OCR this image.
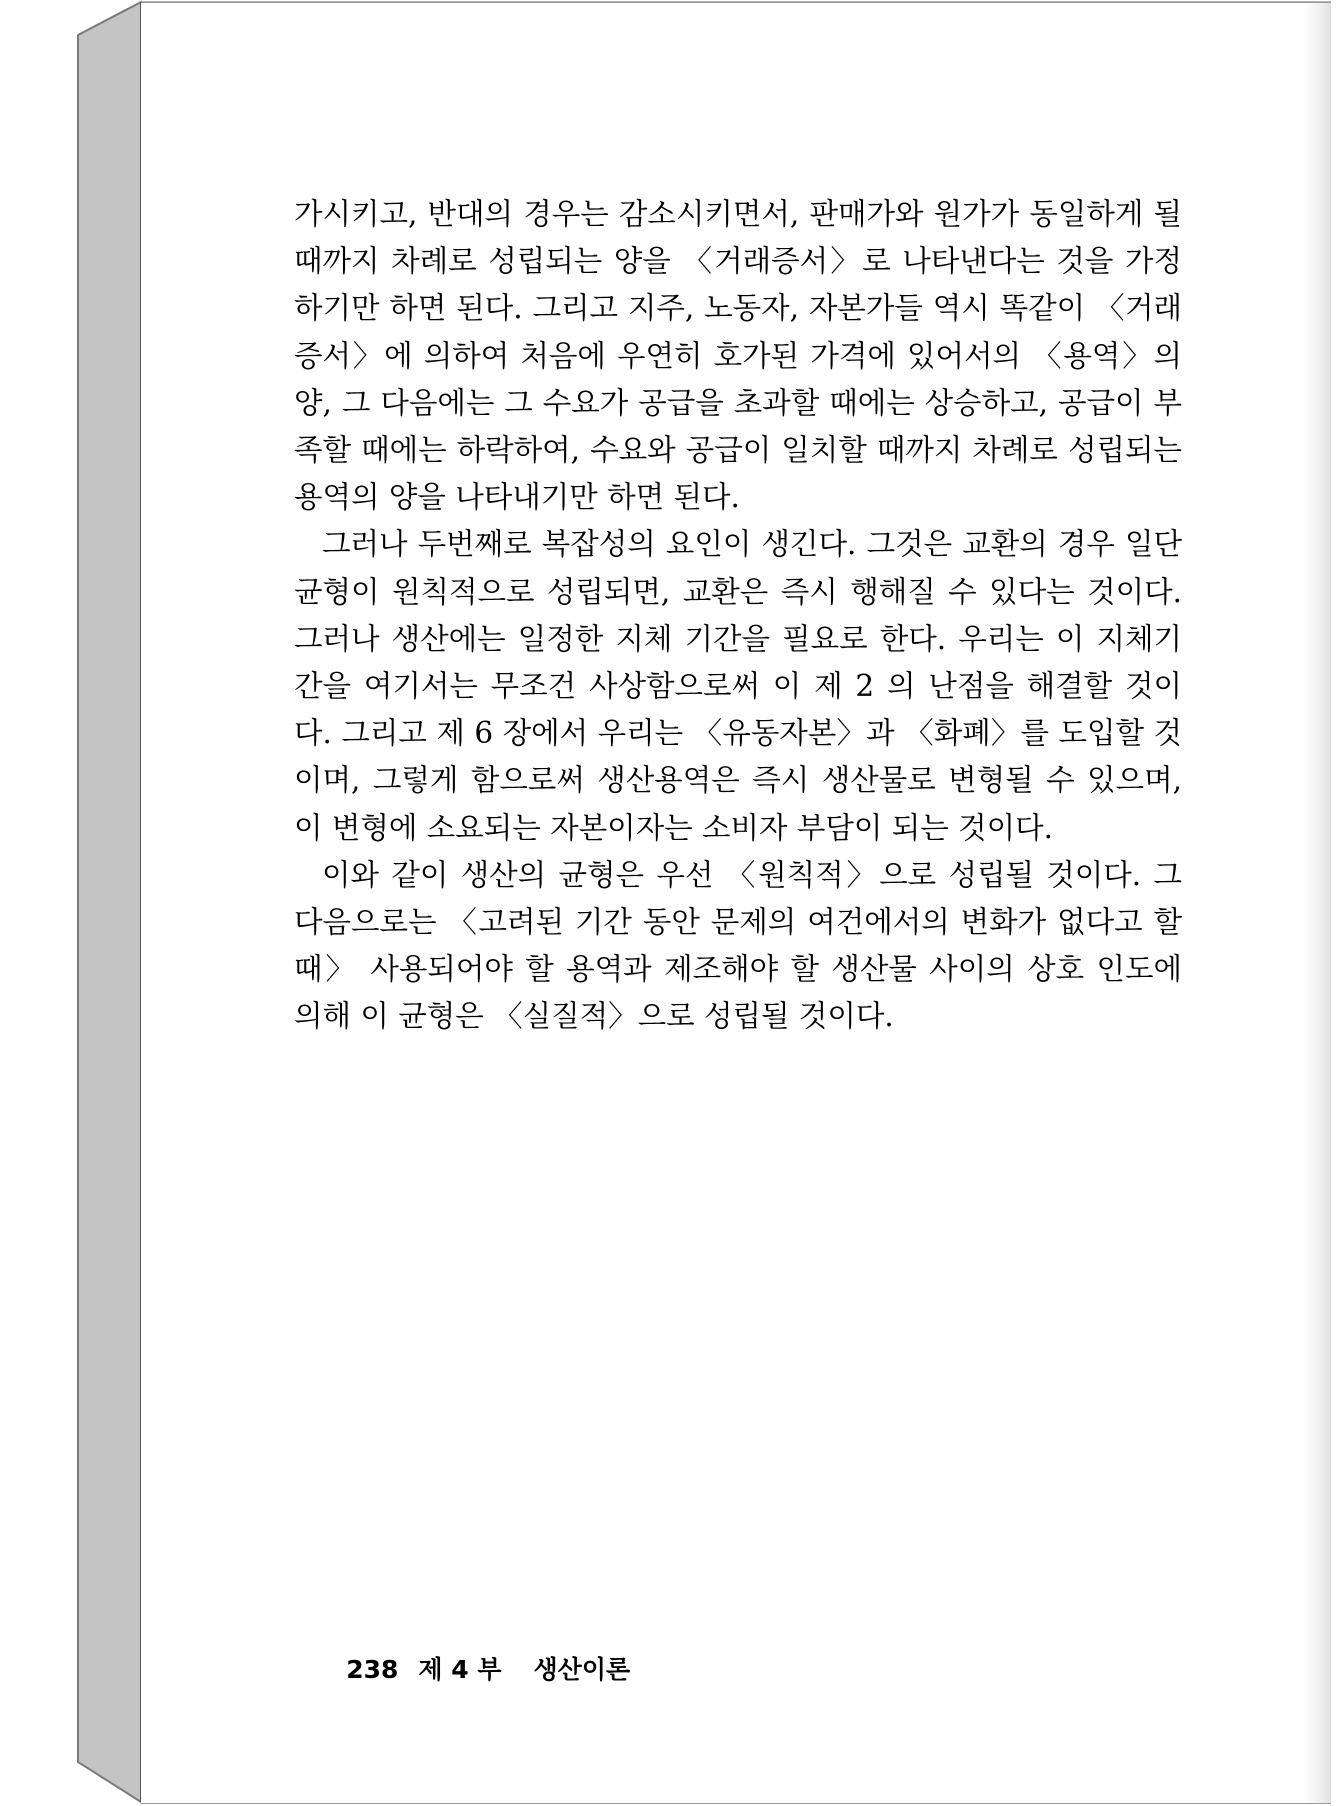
가시키고, 반대의 경우는 감소시키면서, 판매가와 원가가 동일하게 될 때까지 차례로 성립되는 양을 〈거래증서〉로 나타낸다는 것을 가정하기만 하면 된다. 그리고 지주, 노동자, 자본가들 역시 똑같이 〈거래증서〉에 의하여 처음에 우연히 호가된 가격에 있어서의 〈용역〉의 양, 그 다음에는 그 수요가 공급을 초과할 때에는 상승하고, 공급이 부족할 때에는 하락하여, 수요와 공급이 일치할 때까지 차례로 성립되는 용역의 양을 나타내기만 하면 된다.

그러나 두번째로 복잡성의 요인이 생긴다. 그것은 교환의 경우 일단 균형이 원칙적으로 성립되면, 교환은 즉시 행해질 수 있다는 것이다. 그러나 생산에는 일정한 지체 기간을 필요로 한다. 우리는 이 지체기간을 여기서는 무조건 사상함으로써 이 제 2 의 난점을 해결할 것이다. 그리고 제 6 장에서 우리는 〈유동자본〉과 〈화폐〉를 도입할 것이며, 그렇게 함으로써 생산용역은 즉시 생산물로 변형될 수 있으며, 이 변형에 소요되는 자본이자는 소비자 부담이 되는 것이다.

이와 같이 생산의 균형은 우선 〈원칙적〉으로 성립될 것이다. 그 다음으로는 〈고려된 기간 동안 문제의 여건에서의 변화가 없다고 할 때〉 사용되어야 할 용역과 제조해야 할 생산물 사이의 상호 인도에 의해 이 균형은 〈실질적〉으로 성립될 것이다.

238 제 4 부 생산이론
